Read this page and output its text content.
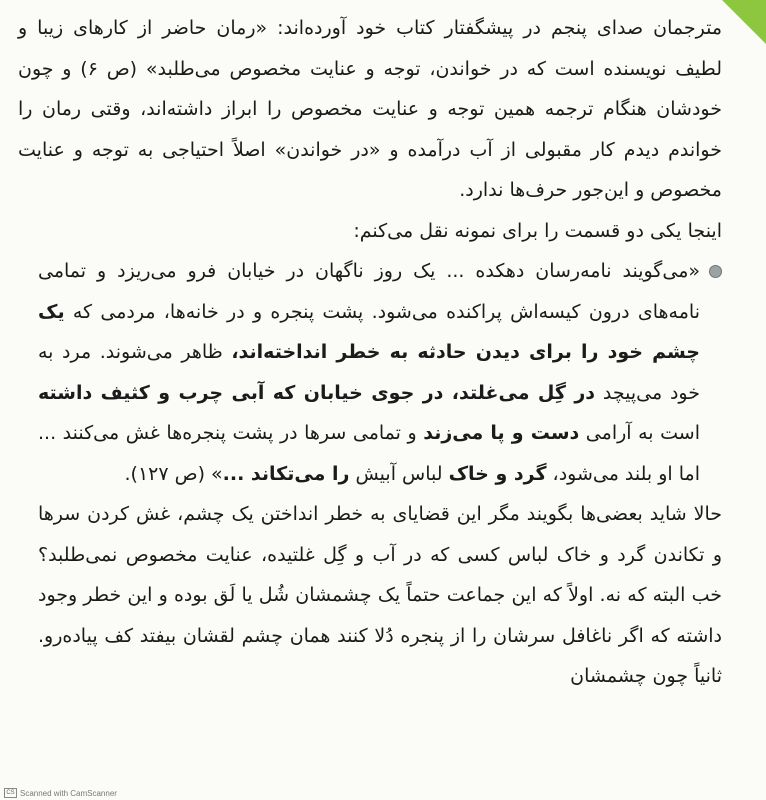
مترجمان صدای پنجم در پیشگفتار کتاب خود آورده‌اند: «رمان حاضر از کارهای زیبا و لطیف نویسنده است که در خواندن، توجه و عنایت مخصوص می‌طلبد» (ص ۶) و چون خودشان هنگام ترجمه همین توجه و عنایت مخصوص را ابراز داشته‌اند، وقتی رمان را خواندم دیدم کار مقبولی از آب درآمده و «در خواندن» اصلاً احتیاجی به توجه و عنایت مخصوص و این‌جور حرف‌ها ندارد.

اینجا یکی دو قسمت را برای نمونه نقل می‌کنم:

«می‌گویند نامه‌رسان دهکده ... یک روز ناگهان در خیابان فرو می‌ریزد و تمامی نامه‌های درون کیسه‌اش پراکنده می‌شود. پشت پنجره و در خانه‌ها، مردمی که یک چشم خود را برای دیدن حادثه به خطر انداخته‌اند، ظاهر می‌شوند. مرد به خود می‌پیچد در گِل می‌غلتد، در جوی خیابان که آبی چرب و کثیف داشته است به آرامی دست و پا می‌زند و تمامی سرها در پشت پنجره‌ها غش می‌کنند ... اما او بلند می‌شود، گرد و خاک لباس آبیش را می‌تکاند ...» (ص ۱۲۷).

حالا شاید بعضی‌ها بگویند مگر این قضایای به خطر انداختن یک چشم، غش کردن سرها و تکاندن گرد و خاک لباس کسی که در آب و گِل غلتیده، عنایت مخصوص نمی‌طلبد؟ خب البته که نه. اولاً که این جماعت حتماً یک چشمشان شُل یا لَق بوده و این خطر وجود داشته که اگر ناغافل سرشان را از پنجره دُلا کنند همان چشم لقشان بیفتد کف پیاده‌رو. ثانیاً چون چشمشان

CS Scanned with CamScanner
